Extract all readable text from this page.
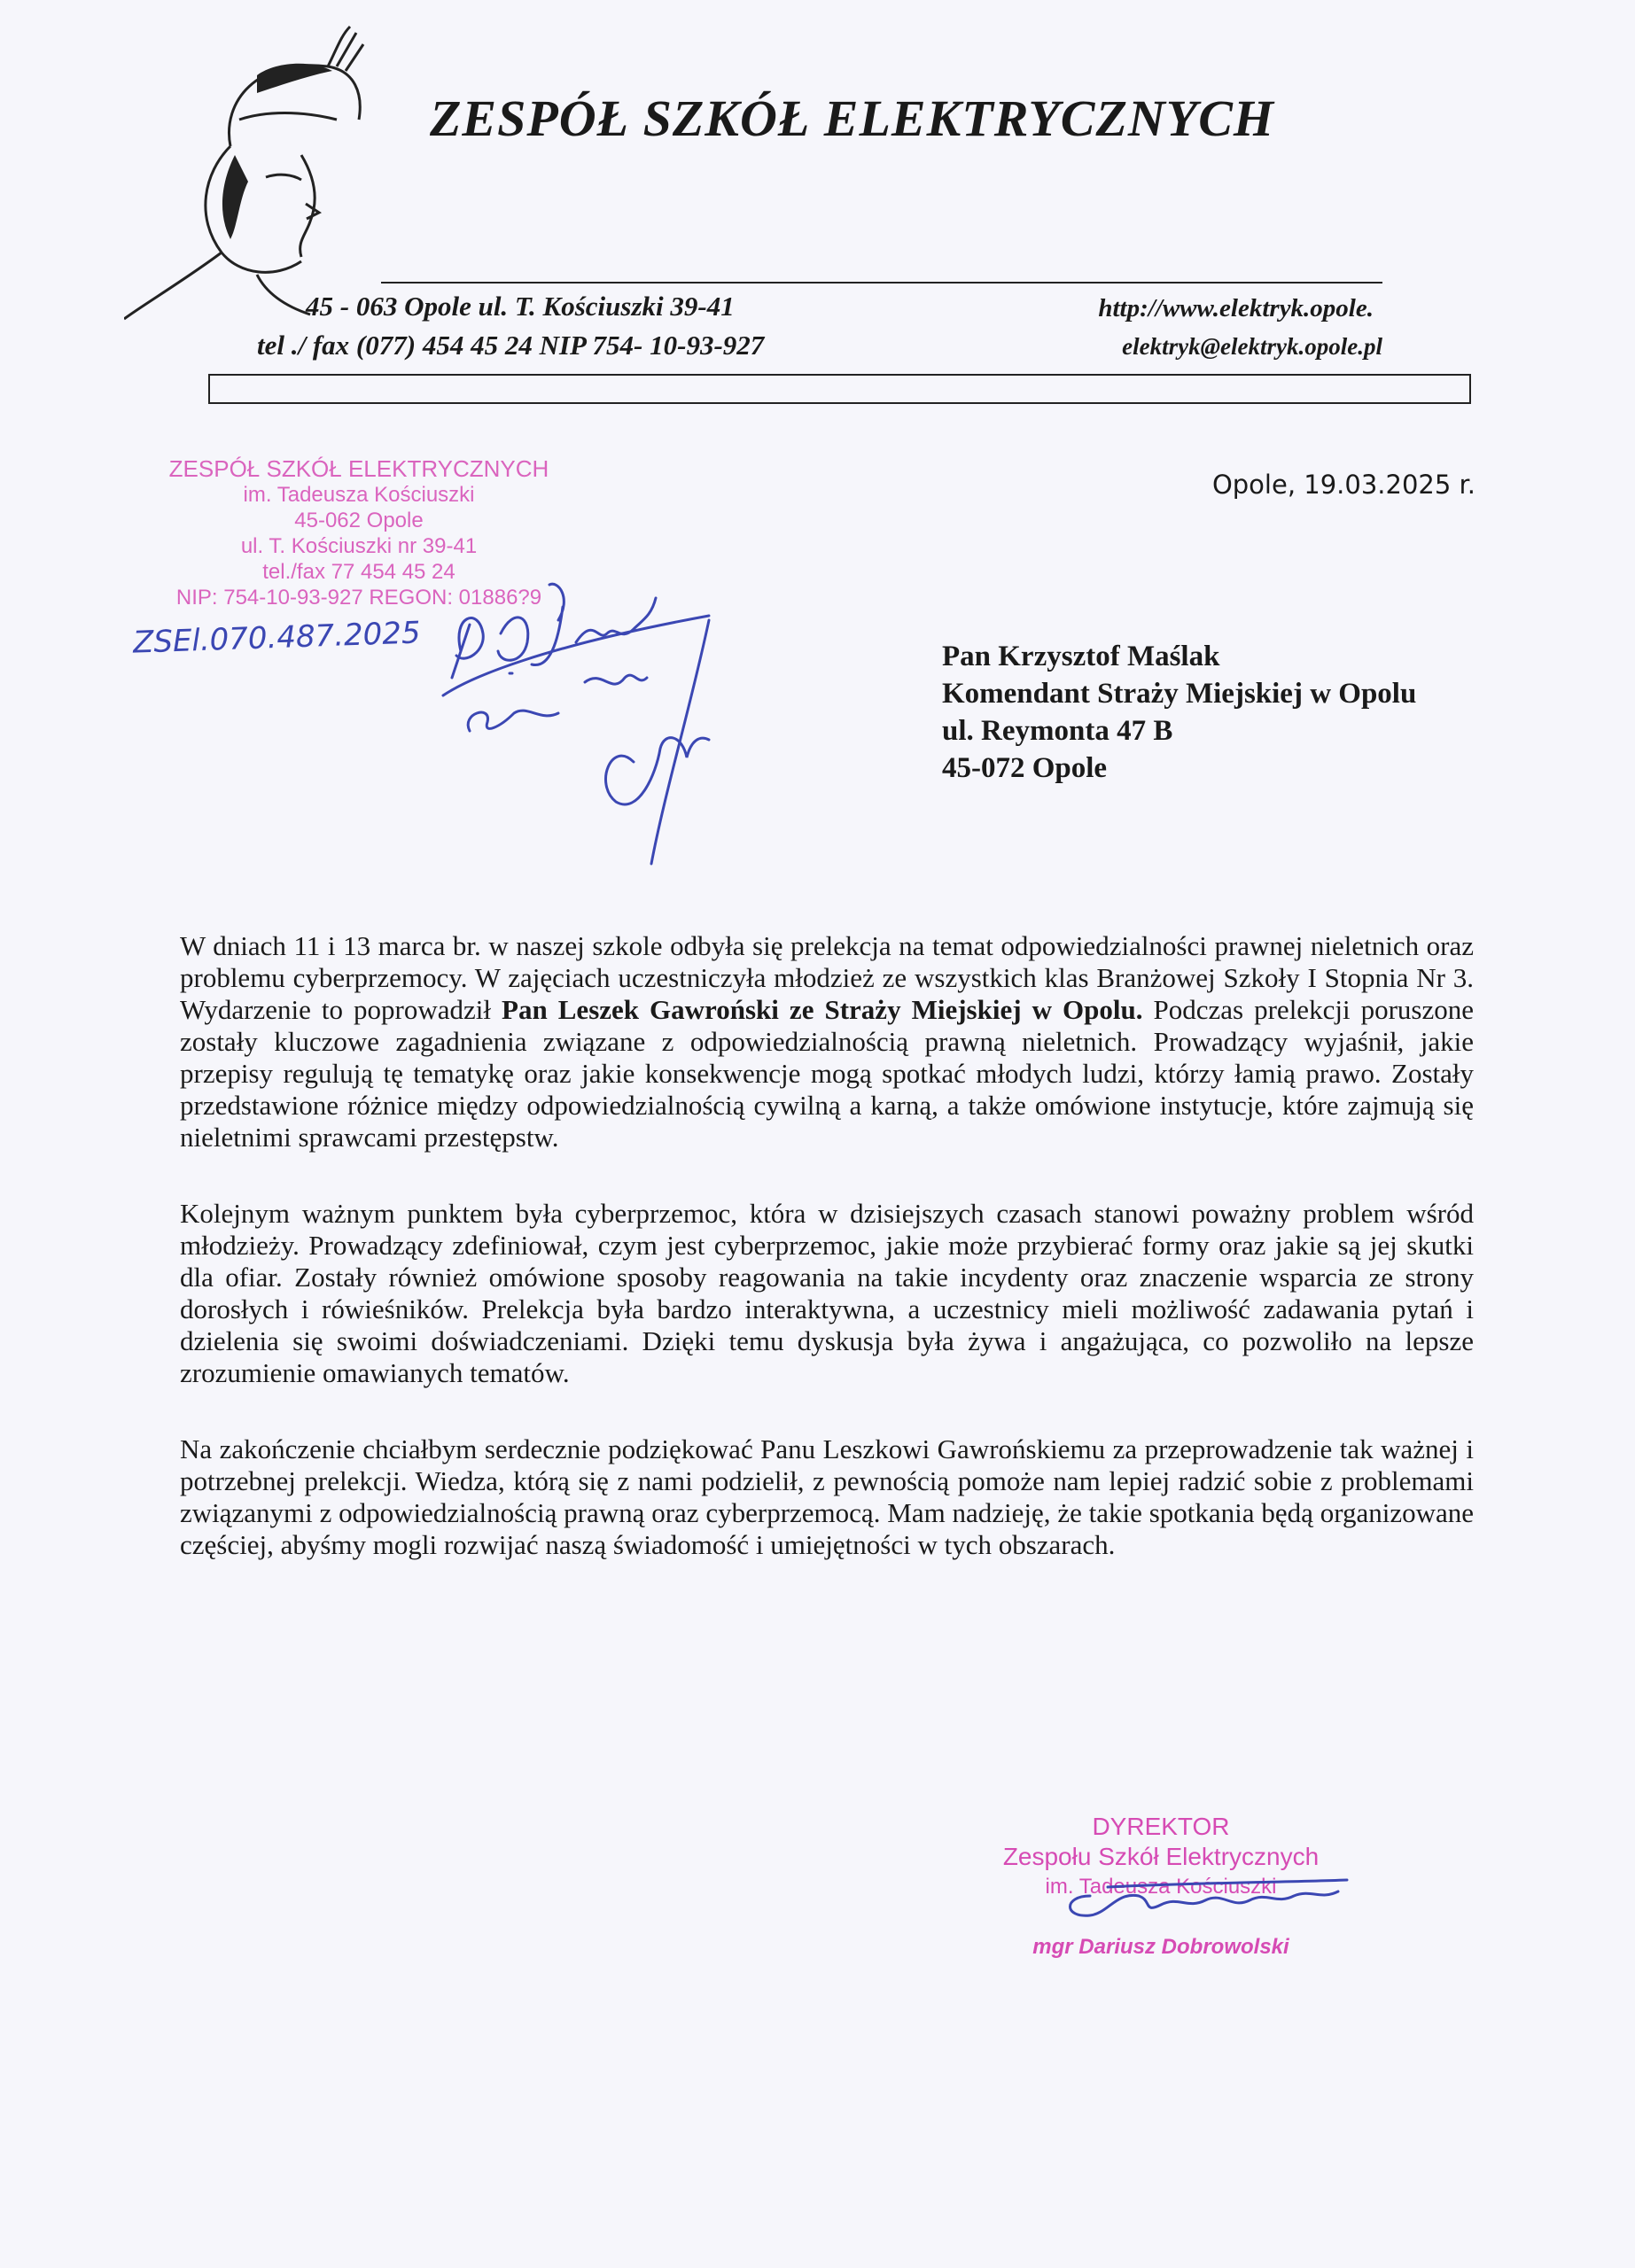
ZESPÓŁ SZKÓŁ ELEKTRYCZNYCH
45 - 063 Opole ul. T. Kościuszki 39-41
tel ./ fax (077) 454 45 24 NIP 754- 10-93-927
http://www.elektryk.opole.
elektryk@elektryk.opole.pl
ZESPÓŁ SZKÓŁ ELEKTRYCZNYCH
im. Tadeusza Kościuszki
45-062 Opole
ul. T. Kościuszki nr 39-41
tel./fax 77 454 45 24
NIP: 754-10-93-927 REGON: 01886?9
ZSEl.070.487.2025
Opole, 19.03.2025 r.
Pan Krzysztof Maślak
Komendant Straży Miejskiej w Opolu
ul. Reymonta 47 B
45-072 Opole

W dniach 11 i 13 marca br. w naszej szkole odbyła się prelekcja na temat odpowiedzialności prawnej nieletnich oraz problemu cyberprzemocy. W zajęciach uczestniczyła młodzież ze wszystkich klas Branżowej Szkoły I Stopnia Nr 3. Wydarzenie to poprowadził Pan Leszek Gawroński ze Straży Miejskiej w Opolu. Podczas prelekcji poruszone zostały kluczowe zagadnienia związane z odpowiedzialnością prawną nieletnich. Prowadzący wyjaśnił, jakie przepisy regulują tę tematykę oraz jakie konsekwencje mogą spotkać młodych ludzi, którzy łamią prawo. Zostały przedstawione różnice między odpowiedzialnością cywilną a karną, a także omówione instytucje, które zajmują się nieletnimi sprawcami przestępstw.

Kolejnym ważnym punktem była cyberprzemoc, która w dzisiejszych czasach stanowi poważny problem wśród młodzieży. Prowadzący zdefiniował, czym jest cyberprzemoc, jakie może przybierać formy oraz jakie są jej skutki dla ofiar. Zostały również omówione sposoby reagowania na takie incydenty oraz znaczenie wsparcia ze strony dorosłych i rówieśników. Prelekcja była bardzo interaktywna, a uczestnicy mieli możliwość zadawania pytań i dzielenia się swoimi doświadczeniami. Dzięki temu dyskusja była żywa i angażująca, co pozwoliło na lepsze zrozumienie omawianych tematów.

Na zakończenie chciałbym serdecznie podziękować Panu Leszkowi Gawrońskiemu za przeprowadzenie tak ważnej i potrzebnej prelekcji. Wiedza, którą się z nami podzielił, z pewnością pomoże nam lepiej radzić sobie z problemami związanymi z odpowiedzialnością prawną oraz cyberprzemocą. Mam nadzieję, że takie spotkania będą organizowane częściej, abyśmy mogli rozwijać naszą świadomość i umiejętności w tych obszarach.

DYREKTOR
Zespołu Szkół Elektrycznych
im. Tadeusza Kościuszki
mgr Dariusz Dobrowolski
